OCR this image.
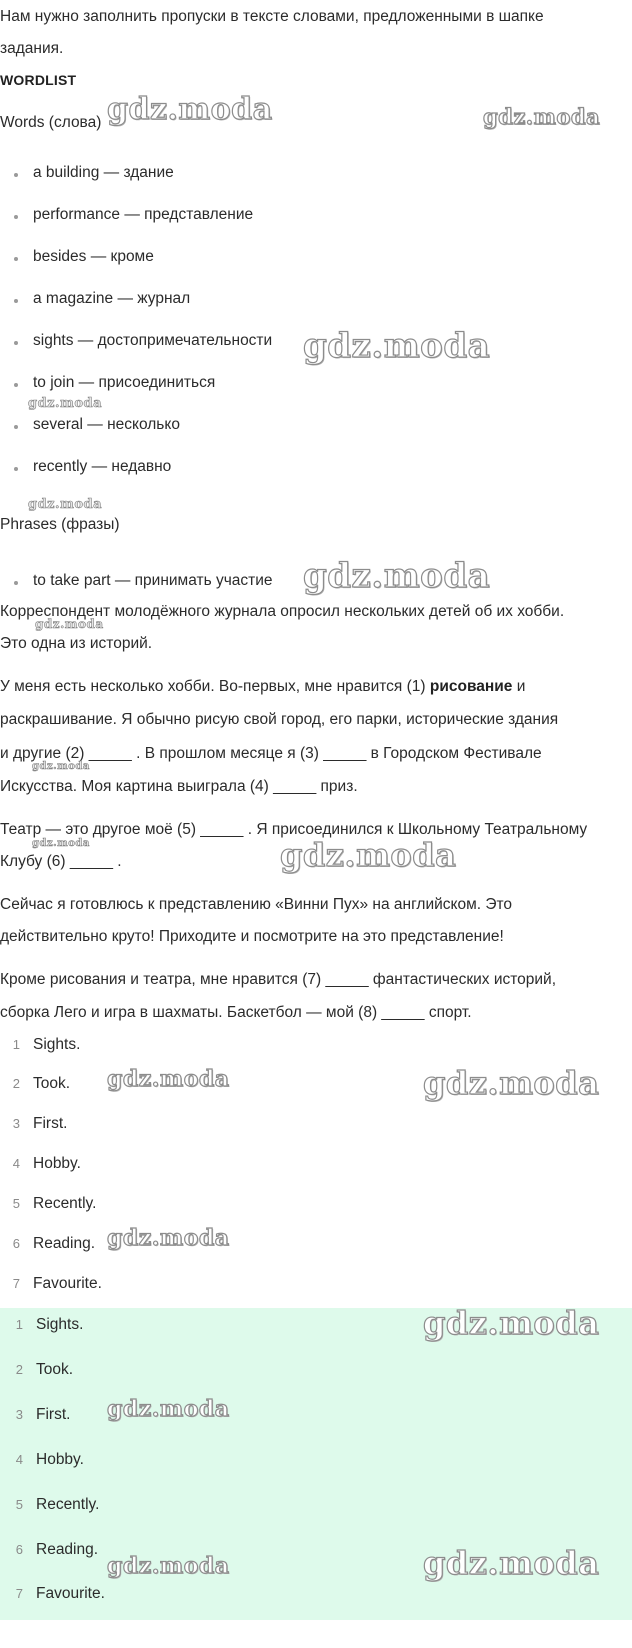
Нам нужно заполнить пропуски в тексте словами, предложенными в шапке
задания.
WORDLIST
Words (слова)
a building — здание
performance — представление
besides — кроме
a magazine — журнал
sights — достопримечательности
to join — присоединиться
several — несколько
recently — недавно
Phrases (фразы)
to take part — принимать участие
Корреспондент молодёжного журнала опросил нескольких детей об их хобби.
Это одна из историй.
У меня есть несколько хобби. Во-первых, мне нравится (1) рисование и
раскрашивание. Я обычно рисую свой город, его парки, исторические здания
и другие (2) _____ . В прошлом месяце я (3) _____ в Городском Фестивале
Искусства. Моя картина выиграла (4) _____ приз.
Театр — это другое моё (5) _____ . Я присоединился к Школьному Театральному
Клубу (6) _____ .
Сейчас я готовлюсь к представлению «Винни Пух» на английском. Это
действительно круто! Приходите и посмотрите на это представление!
Кроме рисования и театра, мне нравится (7) _____ фантастических историй,
сборка Лего и игра в шахматы. Баскетбол — мой (8) _____ спорт.
1 Sights.
2 Took.
3 First.
4 Hobby.
5 Recently.
6 Reading.
7 Favourite.
1 Sights.
2 Took.
3 First.
4 Hobby.
5 Recently.
6 Reading.
7 Favourite.
gdz.moda	gdz.moda
gdz.moda
gdz.moda
gdz.moda
gdz.moda
gdz.moda
gdz.moda
gdz.moda
gdz.moda
gdz.moda	gdz.moda
gdz.moda
gdz.moda
gdz.moda
gdz.moda	gdz.moda
